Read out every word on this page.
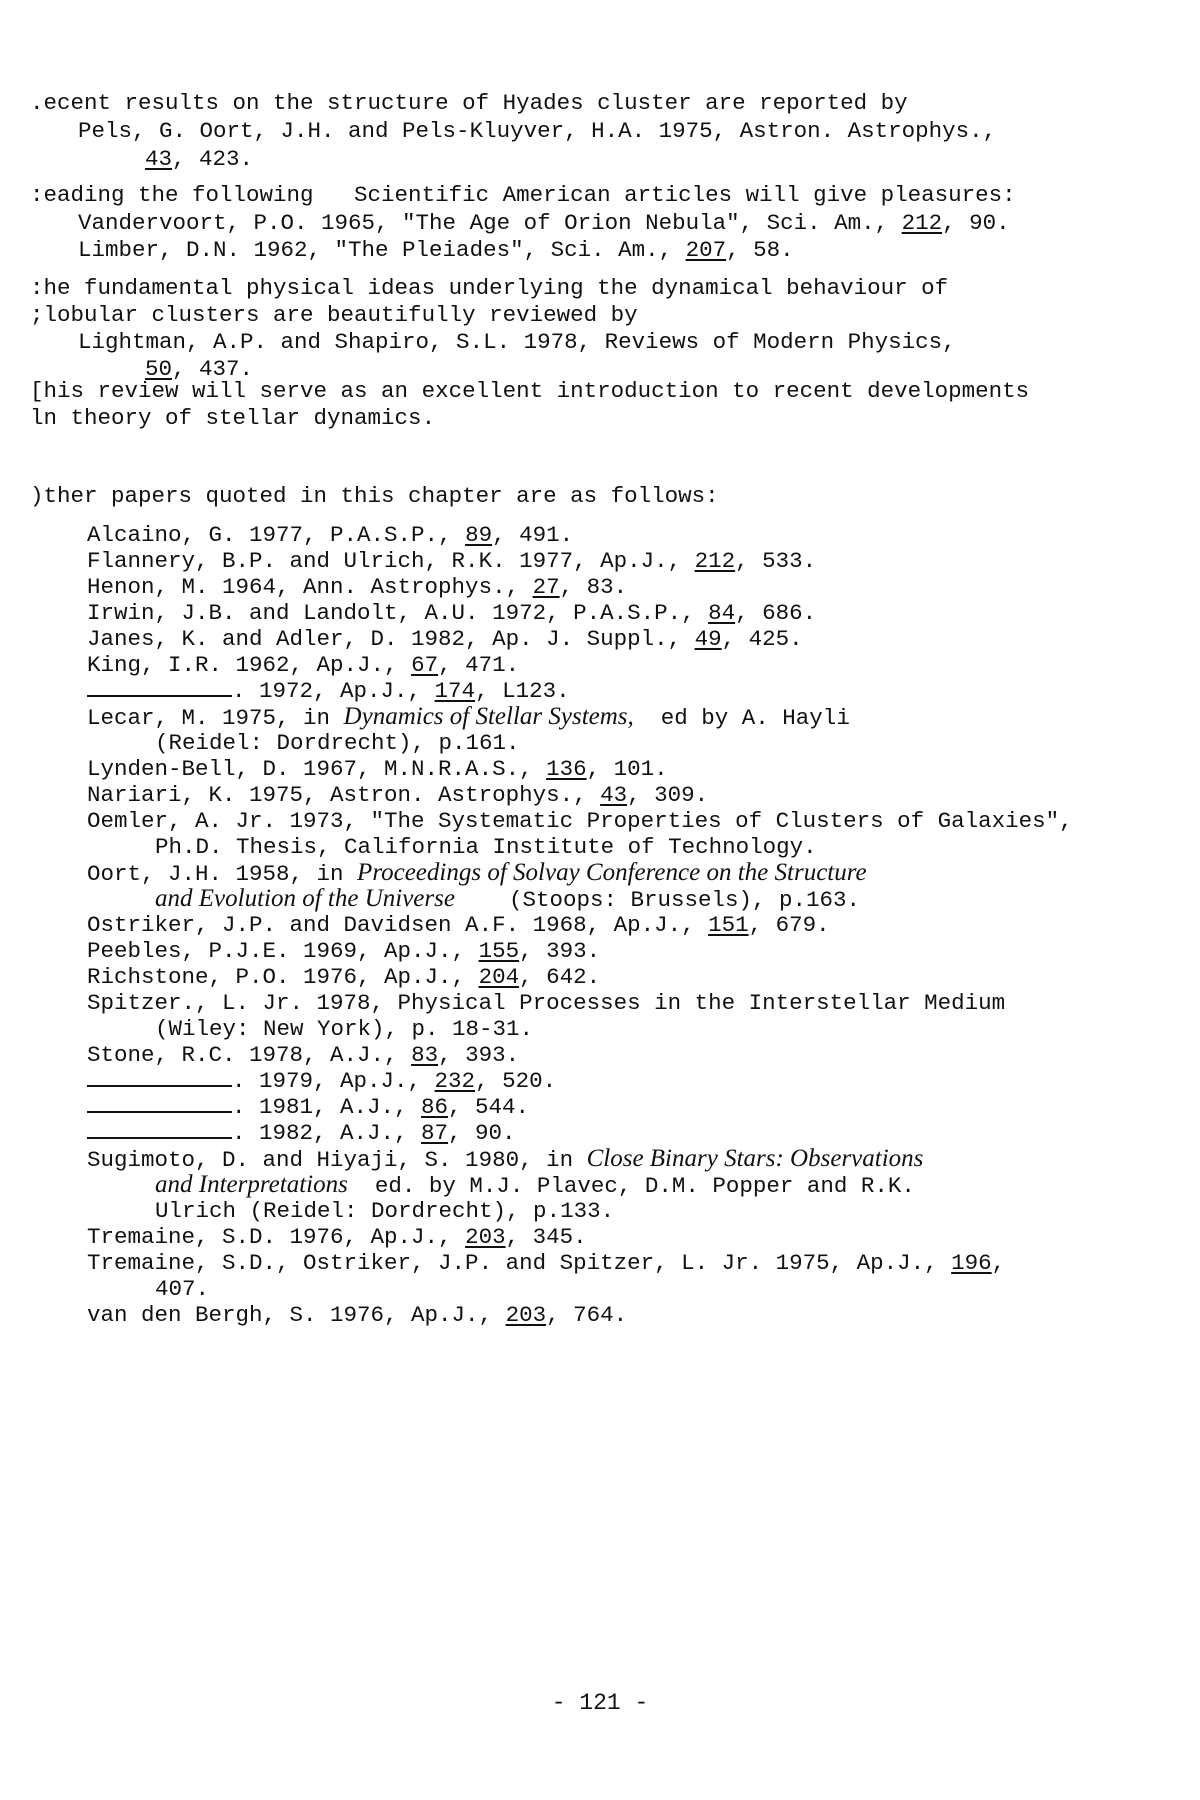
.ecent results on the structure of Hyades cluster are reported by
Pels, G. Oort, J.H. and Pels-Kluyver, H.A. 1975, Astron. Astrophys.,
43, 423.
:eading the following   Scientific American articles will give pleasures:
Vandervoort, P.O. 1965, "The Age of Orion Nebula", Sci. Am., 212, 90.
Limber, D.N. 1962, "The Pleiades", Sci. Am., 207, 58.
:he fundamental physical ideas underlying the dynamical behaviour of
;lobular clusters are beautifully reviewed by
Lightman, A.P. and Shapiro, S.L. 1978, Reviews of Modern Physics,
50, 437.
[his review will serve as an excellent introduction to recent developments
ln theory of stellar dynamics.
)ther papers quoted in this chapter are as follows:
Alcaino, G. 1977, P.A.S.P., 89, 491.
Flannery, B.P. and Ulrich, R.K. 1977, Ap.J., 212, 533.
Henon, M. 1964, Ann. Astrophys., 27, 83.
Irwin, J.B. and Landolt, A.U. 1972, P.A.S.P., 84, 686.
Janes, K. and Adler, D. 1982, Ap. J. Suppl., 49, 425.
King, I.R. 1962, Ap.J., 67, 471.
. 1972, Ap.J., 174, L123.
Lecar, M. 1975, in Dynamics of Stellar Systems,  ed by A. Hayli
(Reidel: Dordrecht), p.161.
Lynden-Bell, D. 1967, M.N.R.A.S., 136, 101.
Nariari, K. 1975, Astron. Astrophys., 43, 309.
Oemler, A. Jr. 1973, "The Systematic Properties of Clusters of Galaxies",
Ph.D. Thesis, California Institute of Technology.
Oort, J.H. 1958, in Proceedings of Solvay Conference on the Structure
and Evolution of the Universe    (Stoops: Brussels), p.163.
Ostriker, J.P. and Davidsen A.F. 1968, Ap.J., 151, 679.
Peebles, P.J.E. 1969, Ap.J., 155, 393.
Richstone, P.O. 1976, Ap.J., 204, 642.
Spitzer., L. Jr. 1978, Physical Processes in the Interstellar Medium
(Wiley: New York), p. 18-31.
Stone, R.C. 1978, A.J., 83, 393.
. 1979, Ap.J., 232, 520.
. 1981, A.J., 86, 544.
. 1982, A.J., 87, 90.
Sugimoto, D. and Hiyaji, S. 1980, in Close Binary Stars: Observations
and Interpretations  ed. by M.J. Plavec, D.M. Popper and R.K.
Ulrich (Reidel: Dordrecht), p.133.
Tremaine, S.D. 1976, Ap.J., 203, 345.
Tremaine, S.D., Ostriker, J.P. and Spitzer, L. Jr. 1975, Ap.J., 196,
407.
van den Bergh, S. 1976, Ap.J., 203, 764.
- 121 -
